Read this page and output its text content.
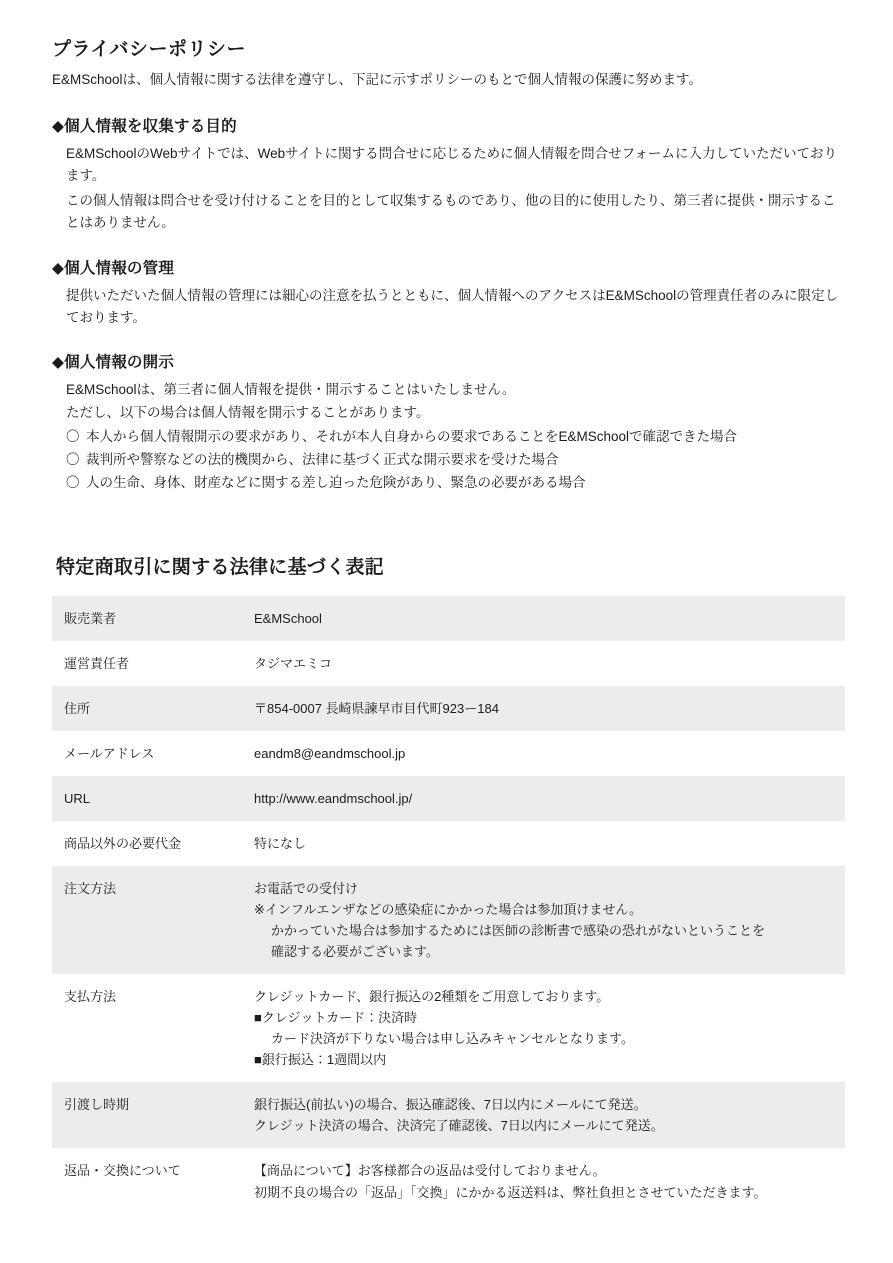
プライバシーポリシー

E&MSchoolは、個人情報に関する法律を遵守し、下記に示すポリシーのもとで個人情報の保護に努めます。

◆個人情報を収集する目的

E&MSchoolのWebサイトでは、Webサイトに関する問合せに応じるために個人情報を問合せフォームに入力していただいております。

この個人情報は問合せを受け付けることを目的として収集するものであり、他の目的に使用したり、第三者に提供・開示することはありません。

◆個人情報の管理

提供いただいた個人情報の管理には細心の注意を払うとともに、個人情報へのアクセスはE&MSchoolの管理責任者のみに限定しております。

◆個人情報の開示

E&MSchoolは、第三者に個人情報を提供・開示することはいたしません。

ただし、以下の場合は個人情報を開示することがあります。

〇 本人から個人情報開示の要求があり、それが本人自身からの要求であることをE&MSchoolで確認できた場合
〇 裁判所や警察などの法的機関から、法律に基づく正式な開示要求を受けた場合
〇 人の生命、身体、財産などに関する差し迫った危険があり、緊急の必要がある場合
特定商取引に関する法律に基づく表記
販売業者	E&MSchool

運営責任者	タジマエミコ

住所	〒854-0007 長崎県諫早市目代町923ー184

メールアドレス	eandm8@eandmschool.jp

URL	http://www.eandmschool.jp/

商品以外の必要代金	特になし

注文方法	お電話での受付け
※インフルエンザなどの感染症にかかった場合は参加頂けません。
かかっていた場合は参加するためには医師の診断書で感染の恐れがないということを
確認する必要がございます。

支払方法	クレジットカード、銀行振込の2種類をご用意しております。
■クレジットカード：決済時
カード決済が下りない場合は申し込みキャンセルとなります。
■銀行振込：1週間以内

引渡し時期	銀行振込(前払い)の場合、振込確認後、7日以内にメールにて発送。
クレジット決済の場合、決済完了確認後、7日以内にメールにて発送。

返品・交換について	【商品について】お客様都合の返品は受付しておりません。
初期不良の場合の「返品」「交換」にかかる返送料は、弊社負担とさせていただきます。
